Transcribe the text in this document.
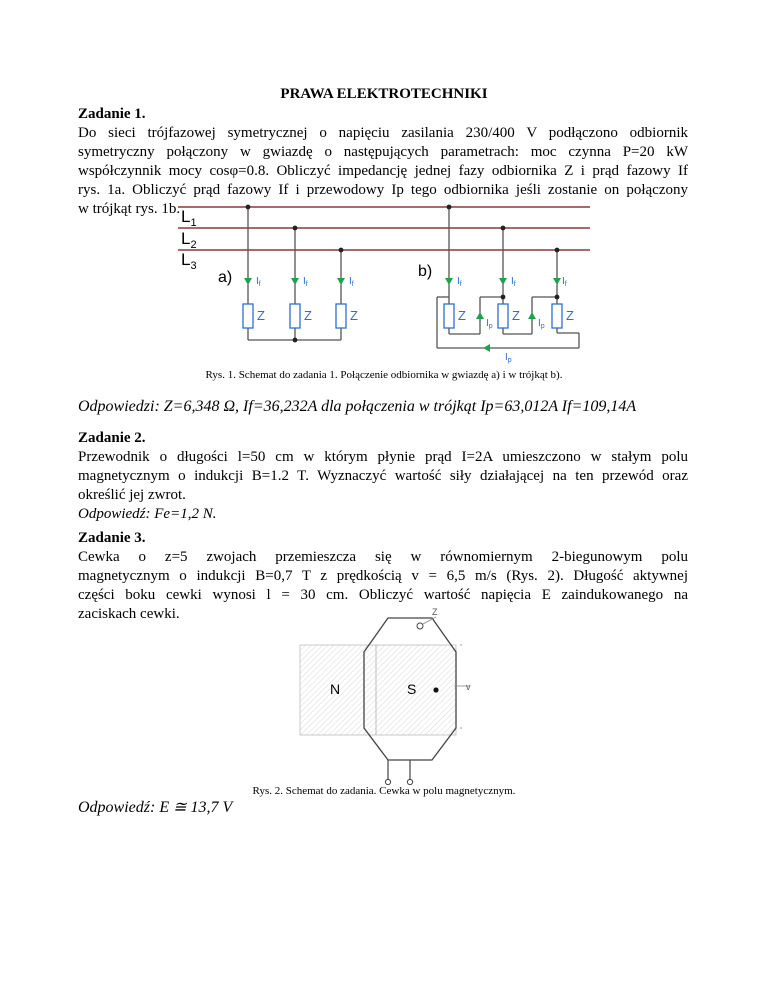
PRAWA ELEKTROTECHNIKI
Zadanie 1.
Do sieci trójfazowej symetrycznej o napięciu zasilania 230/400 V podłączono odbiornik
symetryczny połączony w gwiazdę o następujących parametrach: moc czynna P=20 kW
współczynnik mocy cosφ=0.8. Obliczyć impedancję jednej fazy odbiornika Z i prąd fazowy If
rys. 1a. Obliczyć prąd fazowy If i przewodowy Ip tego odbiornika jeśli zostanie on połączony
w trójkąt rys. 1b. $L_1$
$L_2$
$L_3$
a)	b)
$I_f$	$I_f$	$I_f$
Z	Z	Z
$I_f$	$I_f$	$I_f$
$I_p$	$I_p$
$I_p$
Z	Z	Z
Rys. 1. Schemat do zadania 1. Połączenie odbiornika w gwiazdę a) i w trójkąt b).
Odpowiedzi: Z=6,348 Ω, If=36,232A dla połączenia w trójkąt Ip=63,012A If=109,14A
Zadanie 2.
Przewodnik o długości l=50 cm w którym płynie prąd I=2A umieszczono w stałym polu
magnetycznym o indukcji B=1.2 T. Wyznaczyć wartość siły działającej na ten przewód oraz
określić jej zwrot.
Odpowiedź: Fe=1,2 N.
Zadanie 3.
Cewka o z=5 zwojach przemieszcza się w równomiernym 2-biegunowym polu
magnetycznym o indukcji B=0,7 T z prędkością v = 6,5 m/s (Rys. 2). Długość aktywnej
części boku cewki wynosi l = 30 cm. Obliczyć wartość napięcia E zaindukowanego na
zaciskach cewki.
N	S
Z
v
Rys. 2. Schemat do zadania. Cewka w polu magnetycznym.
Odpowiedź: E ≅ 13,7 V
